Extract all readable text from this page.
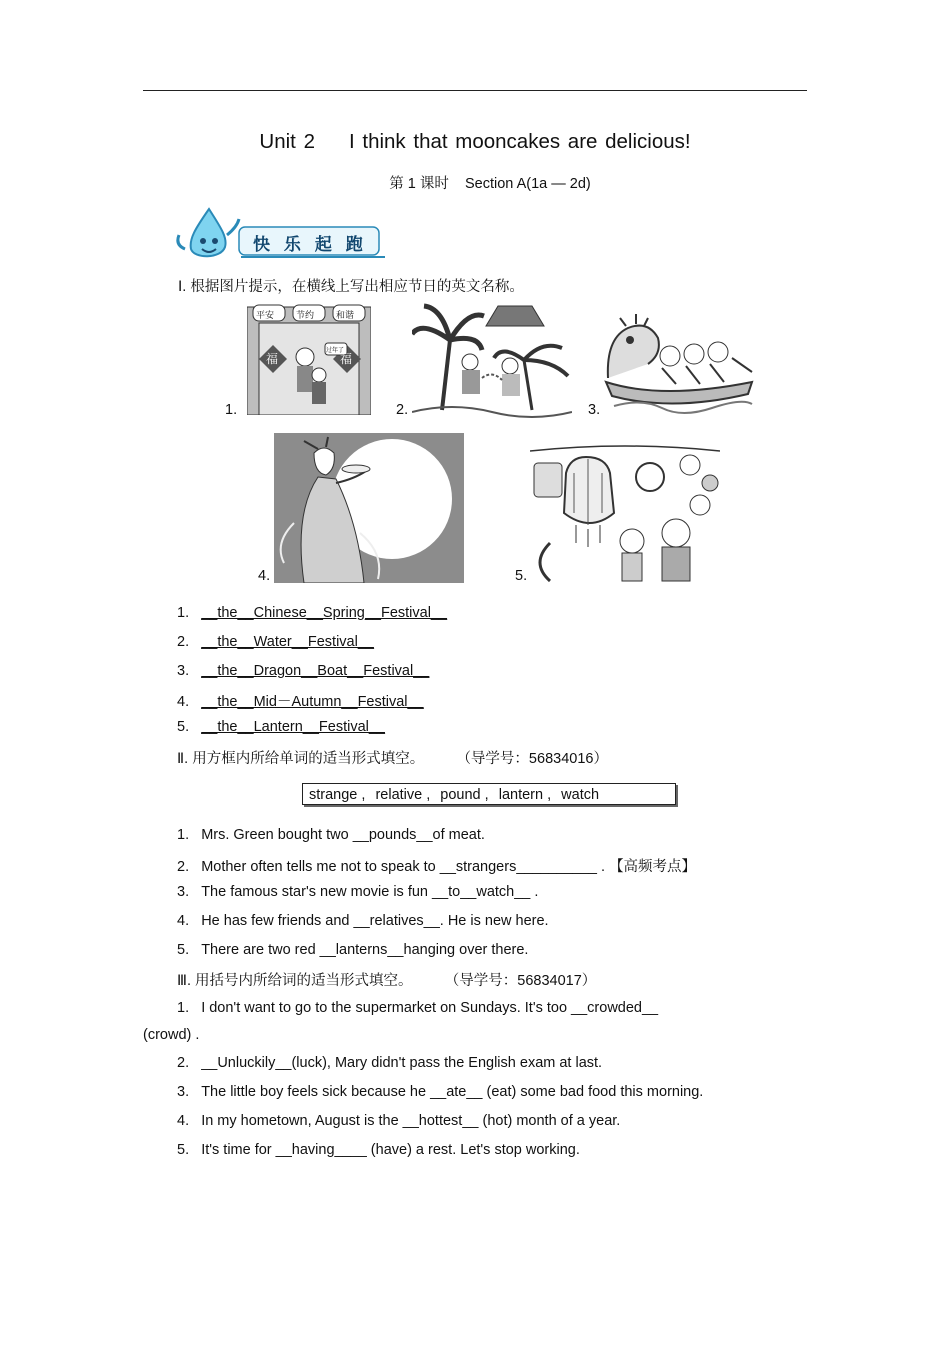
Unit 2 I think that mooncakes are delicious!
第 1 课时 Section A(1a — 2d)
快 乐 起 跑
Ⅰ. 根据图片提示，在横线上写出相应节日的英文名称。
1.
平安 节约 和谐
福	福
过年了
2.	3.
4.	5.
1. __the__Chinese__Spring__Festival__
2. __the__Water__Festival__
3. __the__Dragon__Boat__Festival__
4. __the__Mid－Autumn__Festival__
5. __the__Lantern__Festival__
Ⅱ. 用方框内所给单词的适当形式填空。 （导学号：56834016）
strange , relative , pound , lantern , watch
1. Mrs. Green bought two __pounds__of meat.
2. Mother often tells me not to speak to __strangers__________ . 【高频考点】
3. The famous star's new movie is fun __to__watch__ .
4. He has few friends and __relatives__. He is new here.
5. There are two red __lanterns__hanging over there.
Ⅲ. 用括号内所给词的适当形式填空。 （导学号：56834017）
1. I don't want to go to the supermarket on Sundays. It's too __crowded__
(crowd) .
2. __Unluckily__(luck), Mary didn't pass the English exam at last.
3. The little boy feels sick because he __ate__ (eat) some bad food this morning.
4. In my hometown, August is the __hottest__ (hot) month of a year.
5. It's time for __having____ (have) a rest. Let's stop working.
